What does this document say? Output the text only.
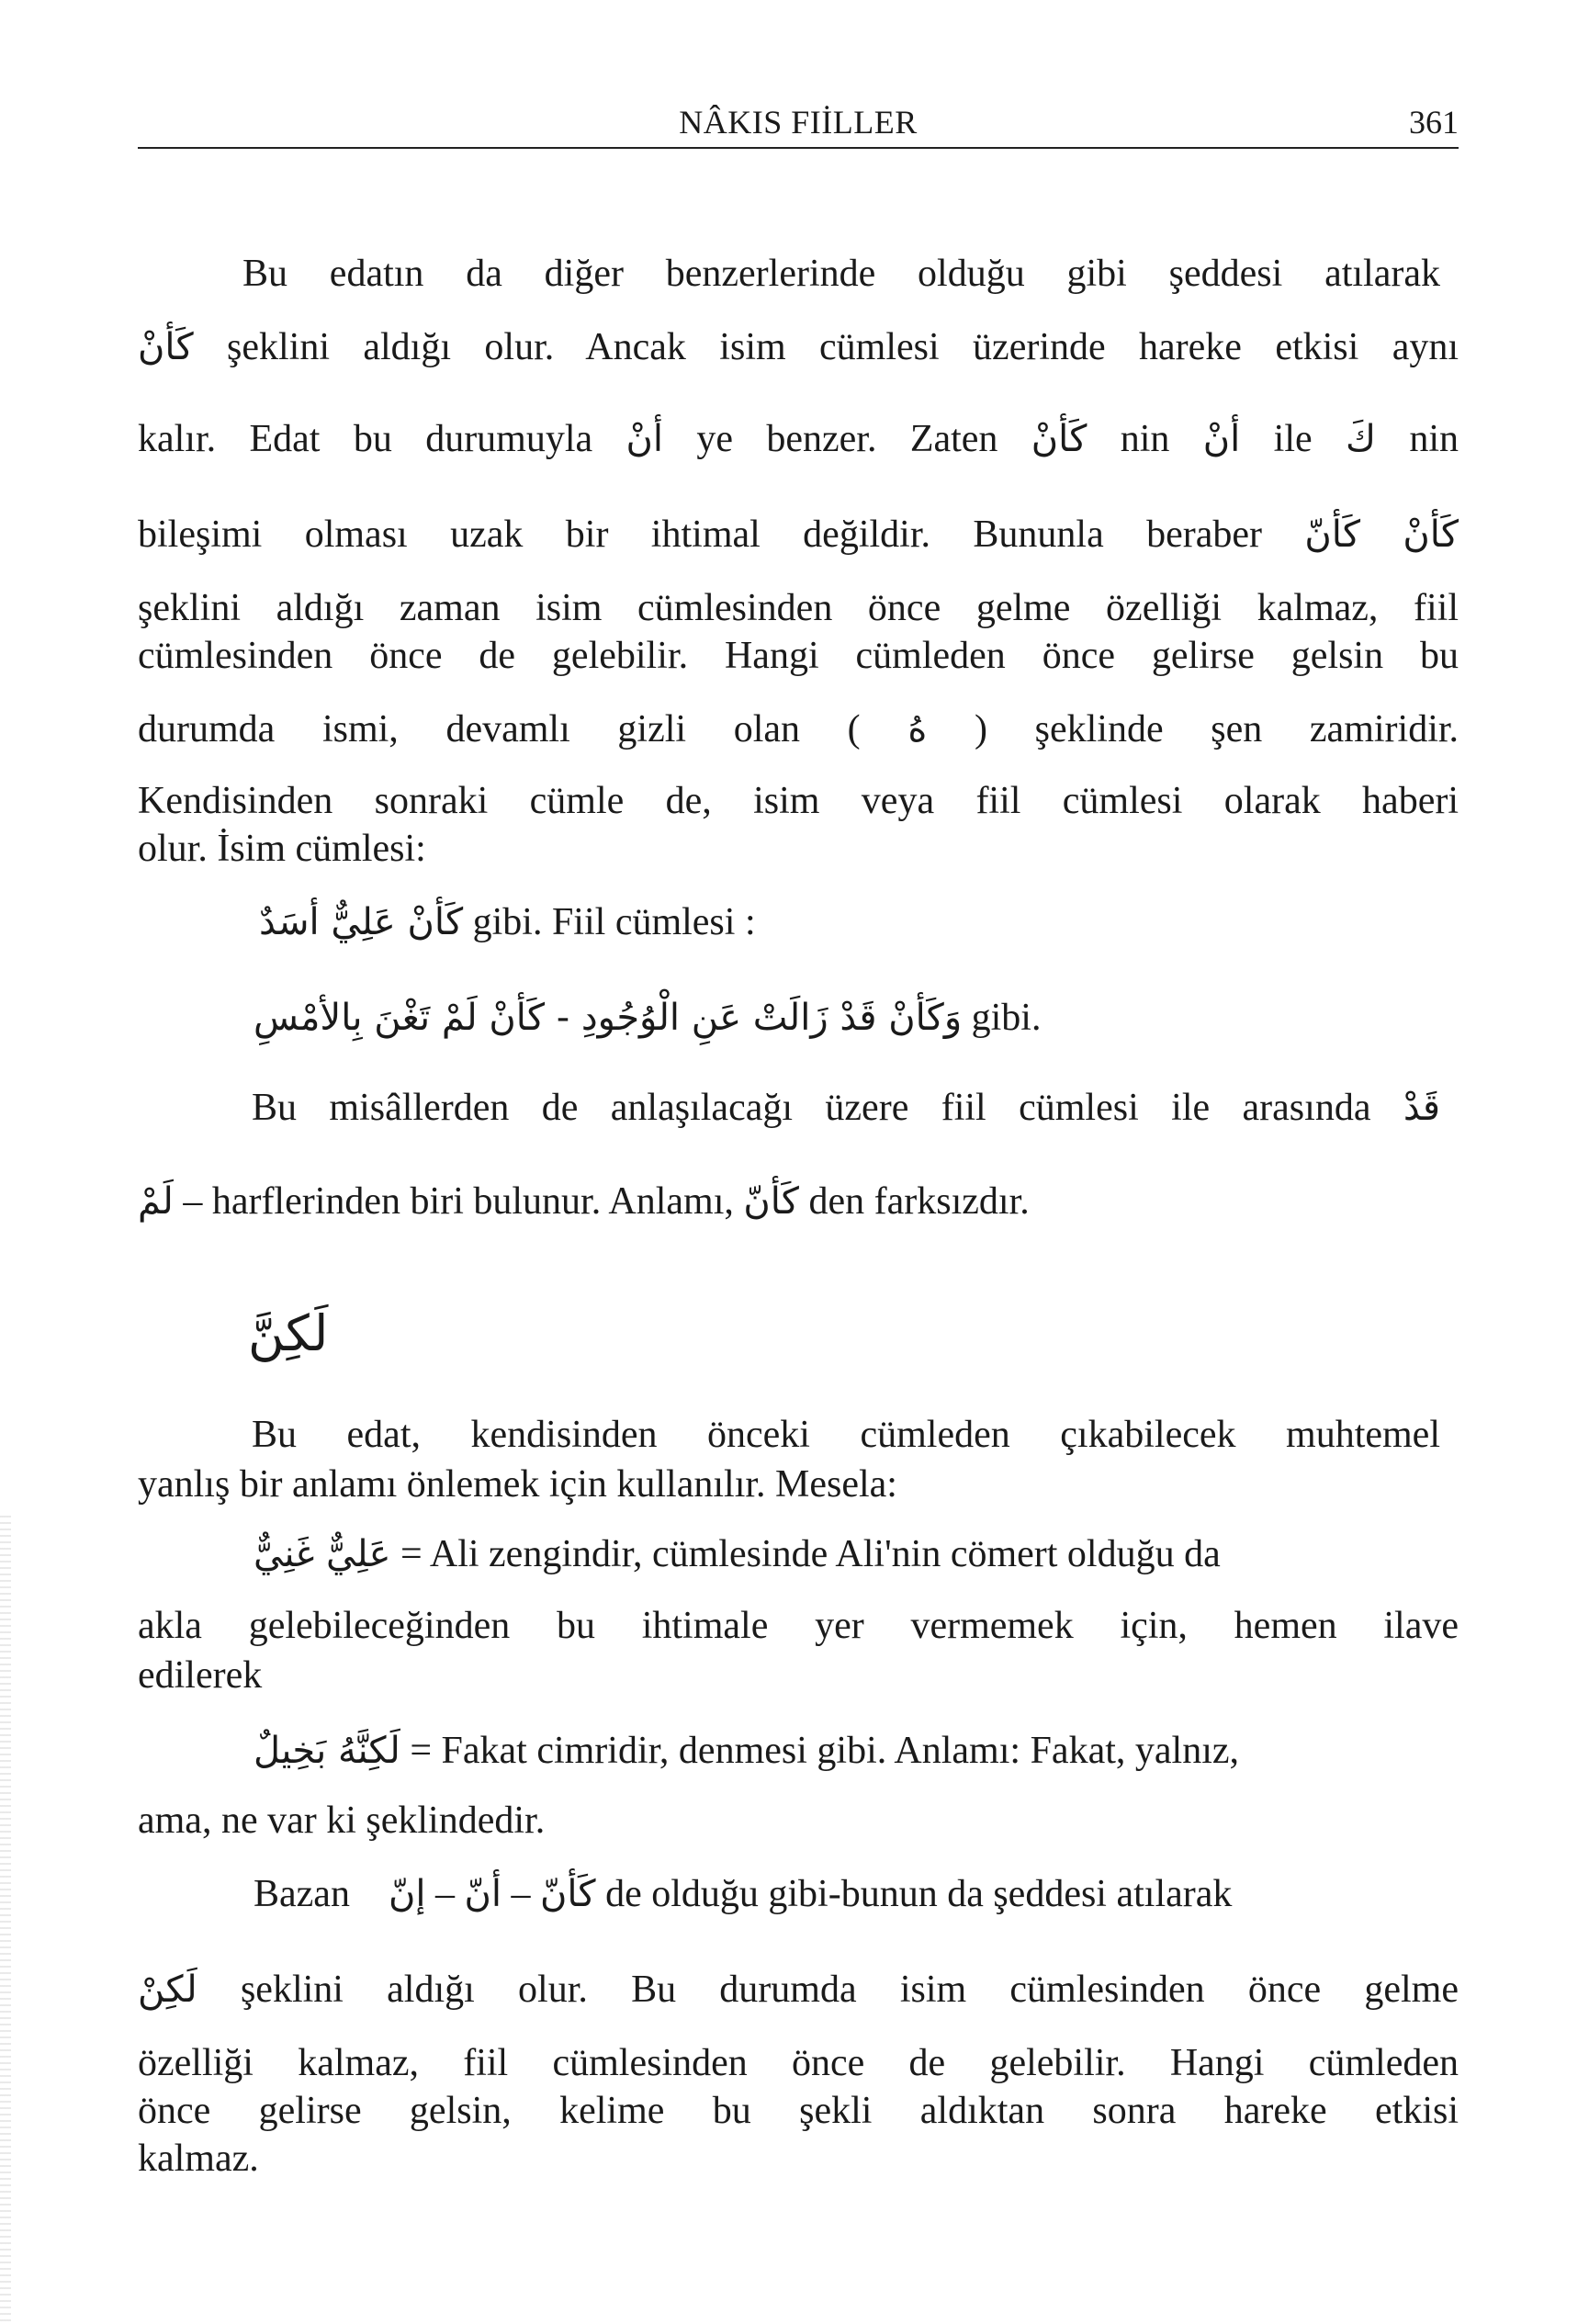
NÂKIS FIİLLER	361
Bu edatın da diğer benzerlerinde olduğu gibi şeddesi atılarak
كَأنْ şeklini aldığı olur. Ancak isim cümlesi üzerinde hareke etkisi aynı
kalır. Edat bu durumuyla أنْ ye benzer. Zaten كَأنْ nin أنْ ile كَ nin
bileşimi olması uzak bir ihtimal değildir. Bununla beraber كَأنّ كَأنْ
şeklini aldığı zaman isim cümlesinden önce gelme özelliği kalmaz, fiil
cümlesinden önce de gelebilir. Hangi cümleden önce gelirse gelsin bu
durumda ismi, devamlı gizli olan ( هُ ) şeklinde şen zamiridir.
Kendisinden sonraki cümle de, isim veya fiil cümlesi olarak haberi
olur. İsim cümlesi:
كَأنْ عَلِيٌّ أسَدٌ gibi. Fiil cümlesi :
وَكَأنْ قَدْ زَالَتْ عَنِ الْوُجُودِ - كَأنْ لَمْ تَغْنَ بِالأمْسِ gibi.
Bu misâllerden de anlaşılacağı üzere fiil cümlesi ile arasında قَدْ
لَمْ – harflerinden biri bulunur. Anlamı, كَأنّ den farksızdır.
لَكِنَّ
Bu edat, kendisinden önceki cümleden çıkabilecek muhtemel
yanlış bir anlamı önlemek için kullanılır. Mesela:
عَلِيٌّ غَنِيٌّ = Ali zengindir, cümlesinde Ali'nin cömert olduğu da
akla gelebileceğinden bu ihtimale yer vermemek için, hemen ilave
edilerek
لَكِنَّهُ بَخِيلٌ = Fakat cimridir, denmesi gibi. Anlamı: Fakat, yalnız,
ama, ne var ki şeklindedir.
Bazan إنّ – أنّ – كَأنّ de olduğu gibi-bunun da şeddesi atılarak
لَكِنْ şeklini aldığı olur. Bu durumda isim cümlesinden önce gelme
özelliği kalmaz, fiil cümlesinden önce de gelebilir. Hangi cümleden
önce gelirse gelsin, kelime bu şekli aldıktan sonra hareke etkisi
kalmaz.
